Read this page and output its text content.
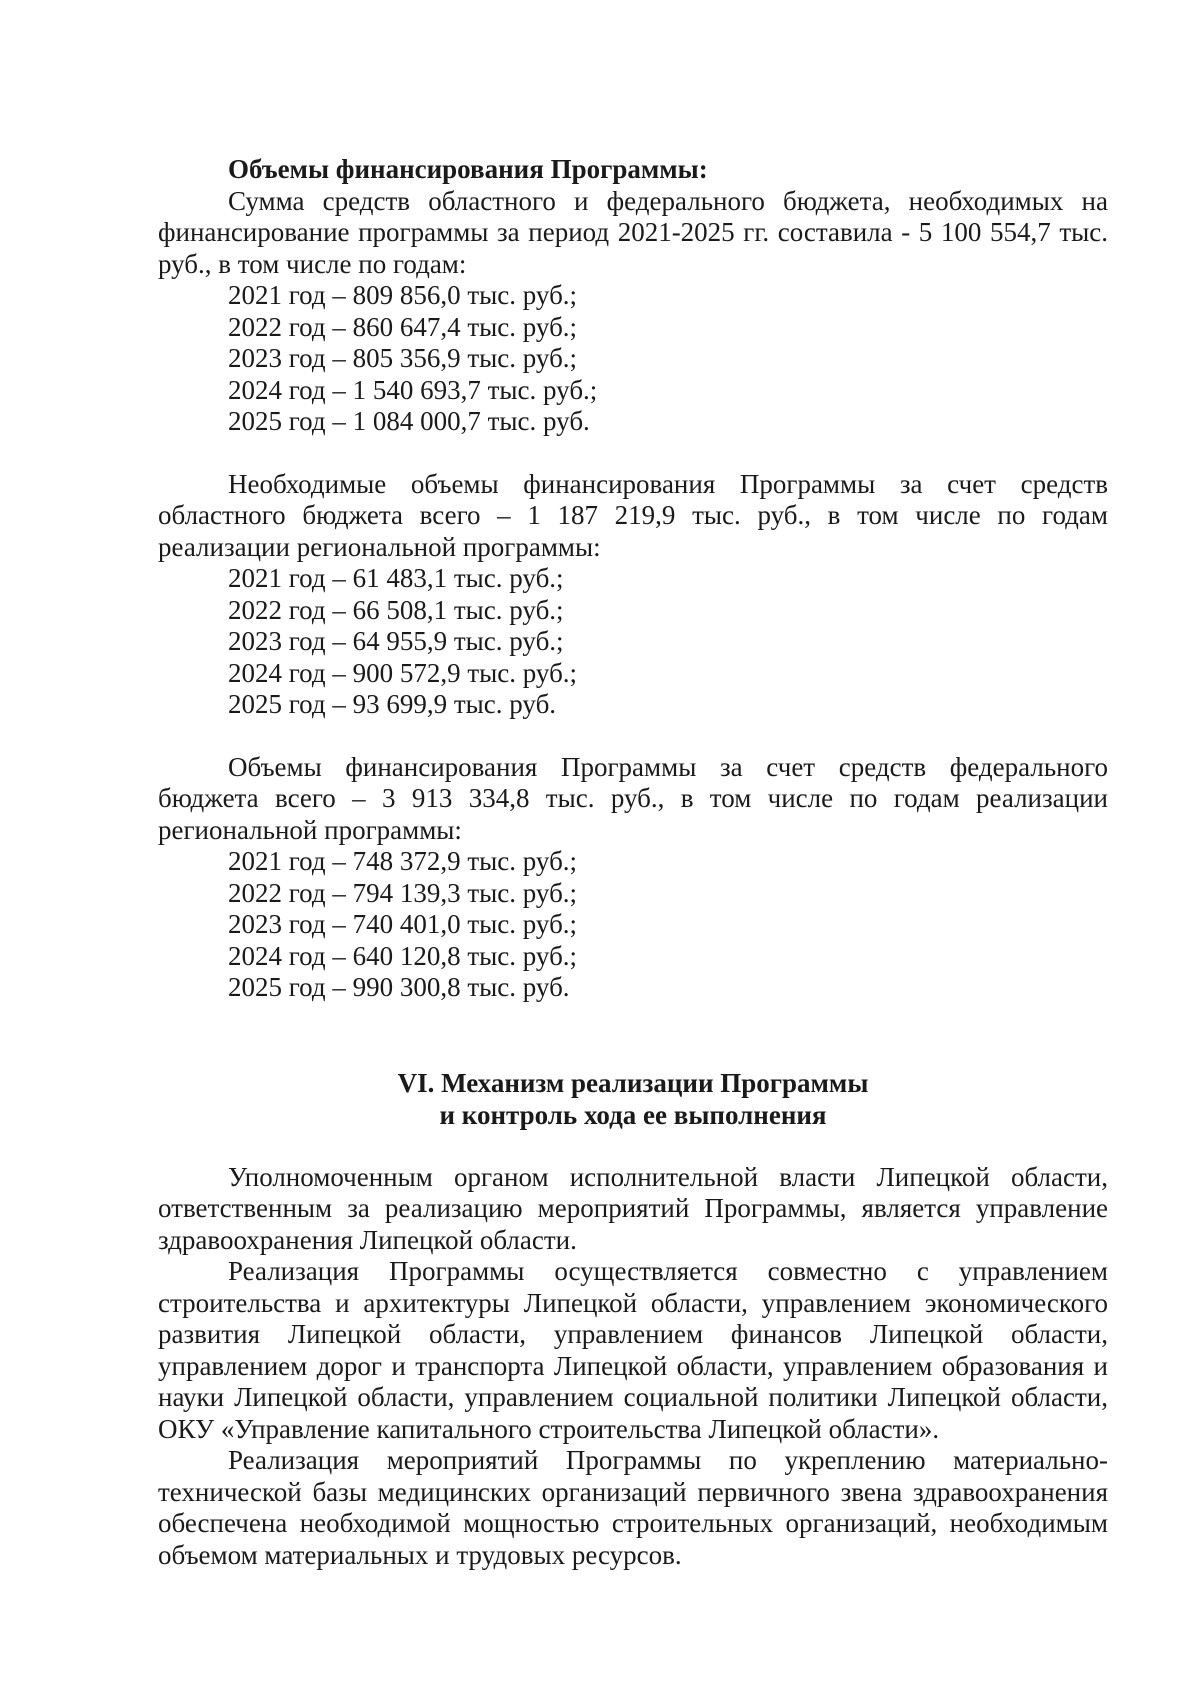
Объемы финансирования Программы:

Сумма средств областного и федерального бюджета, необходимых на финансирование программы за период 2021-2025 гг. составила - 5 100 554,7 тыс. руб., в том числе по годам:

2021 год – 809 856,0 тыс. руб.;
2022 год – 860 647,4 тыс. руб.;
2023 год – 805 356,9 тыс. руб.;
2024 год – 1 540 693,7 тыс. руб.;
2025 год – 1 084 000,7 тыс. руб.

Необходимые объемы финансирования Программы за счет средств областного бюджета всего – 1 187 219,9 тыс. руб., в том числе по годам реализации региональной программы:

2021 год – 61 483,1 тыс. руб.;
2022 год – 66 508,1 тыс. руб.;
2023 год – 64 955,9 тыс. руб.;
2024 год – 900 572,9 тыс. руб.;
2025 год – 93 699,9 тыс. руб.

Объемы финансирования Программы за счет средств федерального бюджета всего – 3 913 334,8 тыс. руб., в том числе по годам реализации региональной программы:

2021 год – 748 372,9 тыс. руб.;
2022 год – 794 139,3 тыс. руб.;
2023 год – 740 401,0 тыс. руб.;
2024 год – 640 120,8 тыс. руб.;
2025 год – 990 300,8 тыс. руб.

VI. Механизм реализации Программы

и контроль хода ее выполнения

Уполномоченным органом исполнительной власти Липецкой области, ответственным за реализацию мероприятий Программы, является управление здравоохранения Липецкой области.

Реализация Программы осуществляется совместно с управлением строительства и архитектуры Липецкой области, управлением экономического развития Липецкой области, управлением финансов Липецкой области, управлением дорог и транспорта Липецкой области, управлением образования и науки Липецкой области, управлением социальной политики Липецкой области, ОКУ «Управление капитального строительства Липецкой области».

Реализация мероприятий Программы по укреплению материально-технической базы медицинских организаций первичного звена здравоохранения обеспечена необходимой мощностью строительных организаций, необходимым объемом материальных и трудовых ресурсов.
